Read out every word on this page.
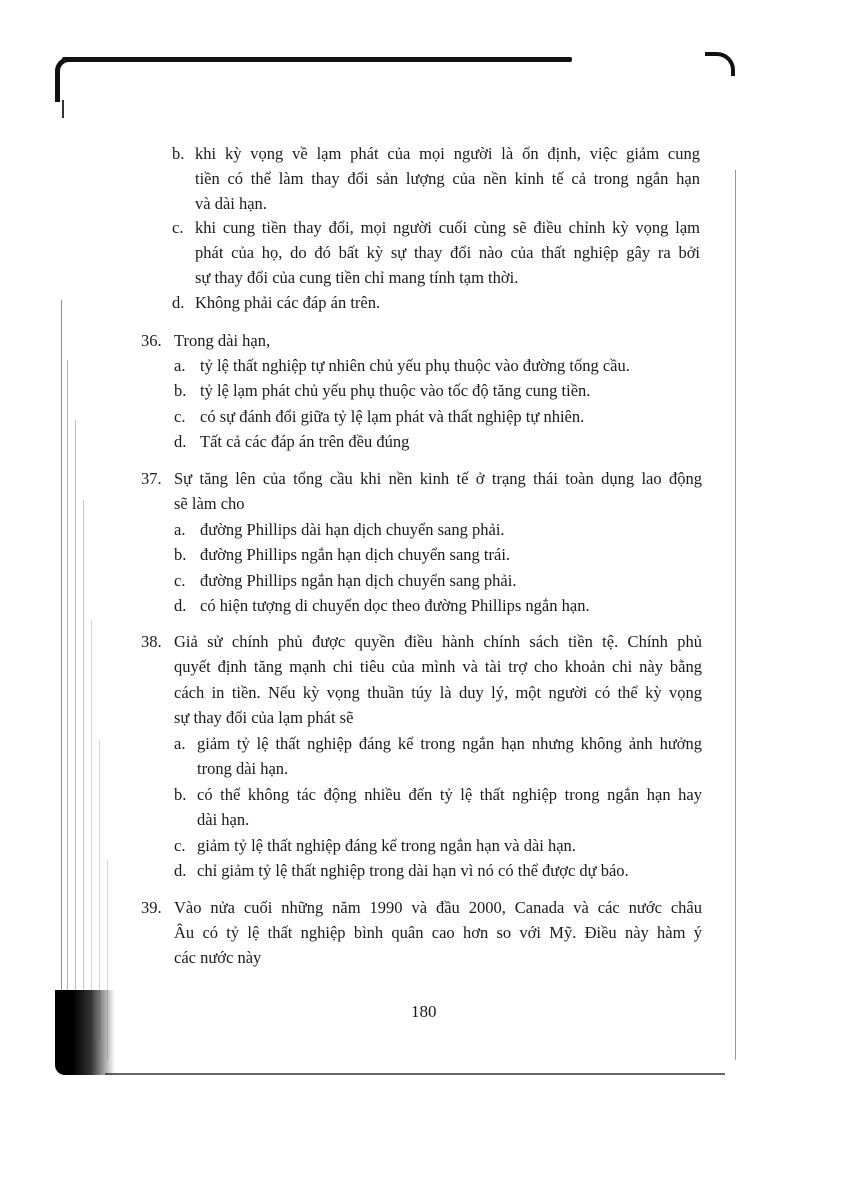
b. khi kỳ vọng về lạm phát của mọi người là ổn định, việc giảm cung
tiền có thể làm thay đổi sản lượng của nền kinh tế cả trong ngắn hạn
và dài hạn.
c. khi cung tiền thay đổi, mọi người cuối cùng sẽ điều chỉnh kỳ vọng lạm
phát của họ, do đó bất kỳ sự thay đổi nào của thất nghiệp gây ra bởi
sự thay đổi của cung tiền chỉ mang tính tạm thời.
d. Không phải các đáp án trên.
36. Trong dài hạn,
a. tỷ lệ thất nghiệp tự nhiên chủ yếu phụ thuộc vào đường tổng cầu.
b. tỷ lệ lạm phát chủ yếu phụ thuộc vào tốc độ tăng cung tiền.
c. có sự đánh đổi giữa tỷ lệ lạm phát và thất nghiệp tự nhiên.
d. Tất cả các đáp án trên đều đúng
37. Sự tăng lên của tổng cầu khi nền kinh tế ở trạng thái toàn dụng lao động
sẽ làm cho
a. đường Phillips dài hạn dịch chuyển sang phải.
b. đường Phillips ngắn hạn dịch chuyển sang trái.
c. đường Phillips ngắn hạn dịch chuyển sang phải.
d. có hiện tượng di chuyển dọc theo đường Phillips ngắn hạn.
38. Giả sử chính phủ được quyền điều hành chính sách tiền tệ. Chính phủ
quyết định tăng mạnh chi tiêu của mình và tài trợ cho khoản chi này bằng
cách in tiền. Nếu kỳ vọng thuần túy là duy lý, một người có thể kỳ vọng
sự thay đổi của lạm phát sẽ
a. giảm tỷ lệ thất nghiệp đáng kể trong ngắn hạn nhưng không ảnh hưởng
trong dài hạn.
b. có thể không tác động nhiều đến tỷ lệ thất nghiệp trong ngắn hạn hay
dài hạn.
c. giảm tỷ lệ thất nghiệp đáng kể trong ngắn hạn và dài hạn.
d. chỉ giảm tỷ lệ thất nghiệp trong dài hạn vì nó có thể được dự báo.
39. Vào nửa cuối những năm 1990 và đầu 2000, Canada và các nước châu
Âu có tỷ lệ thất nghiệp bình quân cao hơn so với Mỹ. Điều này hàm ý
các nước này
180
